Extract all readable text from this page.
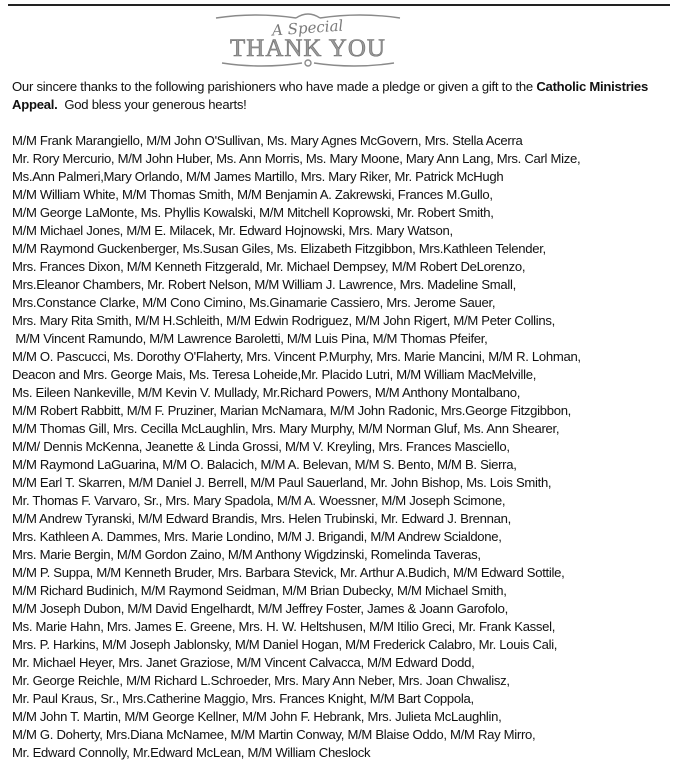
A Special
THANK YOU
Our sincere thanks to the following parishioners who have made a pledge or given a gift to the Catholic Ministries Appeal.  God bless your generous hearts!
M/M Frank Marangiello, M/M John O'Sullivan, Ms. Mary Agnes McGovern, Mrs. Stella Acerra
Mr. Rory Mercurio, M/M John Huber, Ms. Ann Morris, Ms. Mary Moone, Mary Ann Lang, Mrs. Carl Mize,
Ms.Ann Palmeri,Mary Orlando, M/M James Martillo, Mrs. Mary Riker, Mr. Patrick McHugh
M/M William White, M/M Thomas Smith, M/M Benjamin A. Zakrewski, Frances M.Gullo,
M/M George LaMonte, Ms. Phyllis Kowalski, M/M Mitchell Koprowski, Mr. Robert Smith,
M/M Michael Jones, M/M E. Milacek, Mr. Edward Hojnowski, Mrs. Mary Watson,
M/M Raymond Guckenberger, Ms.Susan Giles, Ms. Elizabeth Fitzgibbon, Mrs.Kathleen Telender,
Mrs. Frances Dixon, M/M Kenneth Fitzgerald, Mr. Michael Dempsey, M/M Robert DeLorenzo,
Mrs.Eleanor Chambers, Mr. Robert Nelson, M/M William J. Lawrence, Mrs. Madeline Small,
Mrs.Constance Clarke, M/M Cono Cimino, Ms.Ginamarie Cassiero, Mrs. Jerome Sauer,
Mrs. Mary Rita Smith, M/M H.Schleith, M/M Edwin Rodriguez, M/M John Rigert, M/M Peter Collins,
M/M Vincent Ramundo, M/M Lawrence Baroletti, M/M Luis Pina, M/M Thomas Pfeifer,
M/M O. Pascucci, Ms. Dorothy O'Flaherty, Mrs. Vincent P.Murphy, Mrs. Marie Mancini, M/M R. Lohman,
Deacon and Mrs. George Mais, Ms. Teresa Loheide,Mr. Placido Lutri, M/M William MacMelville,
Ms. Eileen Nankeville, M/M Kevin V. Mullady, Mr.Richard Powers, M/M Anthony Montalbano,
M/M Robert Rabbitt, M/M F. Pruziner, Marian McNamara, M/M John Radonic, Mrs.George Fitzgibbon,
M/M Thomas Gill, Mrs. Cecilla McLaughlin, Mrs. Mary Murphy, M/M Norman Gluf, Ms. Ann Shearer,
M/M/ Dennis McKenna, Jeanette & Linda Grossi, M/M V. Kreyling, Mrs. Frances Masciello,
M/M Raymond LaGuarina, M/M O. Balacich, M/M A. Belevan, M/M S. Bento, M/M B. Sierra,
M/M Earl T. Skarren, M/M Daniel J. Berrell, M/M Paul Sauerland, Mr. John Bishop, Ms. Lois Smith,
Mr. Thomas F. Varvaro, Sr., Mrs. Mary Spadola, M/M A. Woessner, M/M Joseph Scimone,
M/M Andrew Tyranski, M/M Edward Brandis, Mrs. Helen Trubinski, Mr. Edward J. Brennan,
Mrs. Kathleen A. Dammes, Mrs. Marie Londino, M/M J. Brigandi, M/M Andrew Scialdone,
Mrs. Marie Bergin, M/M Gordon Zaino, M/M Anthony Wigdzinski, Romelinda Taveras,
M/M P. Suppa, M/M Kenneth Bruder, Mrs. Barbara Stevick, Mr. Arthur A.Budich, M/M Edward Sottile,
M/M Richard Budinich, M/M Raymond Seidman, M/M Brian Dubecky, M/M Michael Smith,
M/M Joseph Dubon, M/M David Engelhardt, M/M Jeffrey Foster, James & Joann Garofolo,
Ms. Marie Hahn, Mrs. James E. Greene, Mrs. H. W. Heltshusen, M/M Itilio Greci, Mr. Frank Kassel,
Mrs. P. Harkins, M/M Joseph Jablonsky, M/M Daniel Hogan, M/M Frederick Calabro, Mr. Louis Cali,
Mr. Michael Heyer, Mrs. Janet Graziose, M/M Vincent Calvacca, M/M Edward Dodd,
Mr. George Reichle, M/M Richard L.Schroeder, Mrs. Mary Ann Neber, Mrs. Joan Chwalisz,
Mr. Paul Kraus, Sr., Mrs.Catherine Maggio, Mrs. Frances Knight, M/M Bart Coppola,
M/M John T. Martin, M/M George Kellner, M/M John F. Hebrank, Mrs. Julieta McLaughlin,
M/M G. Doherty, Mrs.Diana McNamee, M/M Martin Conway, M/M Blaise Oddo, M/M Ray Mirro,
Mr. Edward Connolly, Mr.Edward McLean, M/M William Cheslock
